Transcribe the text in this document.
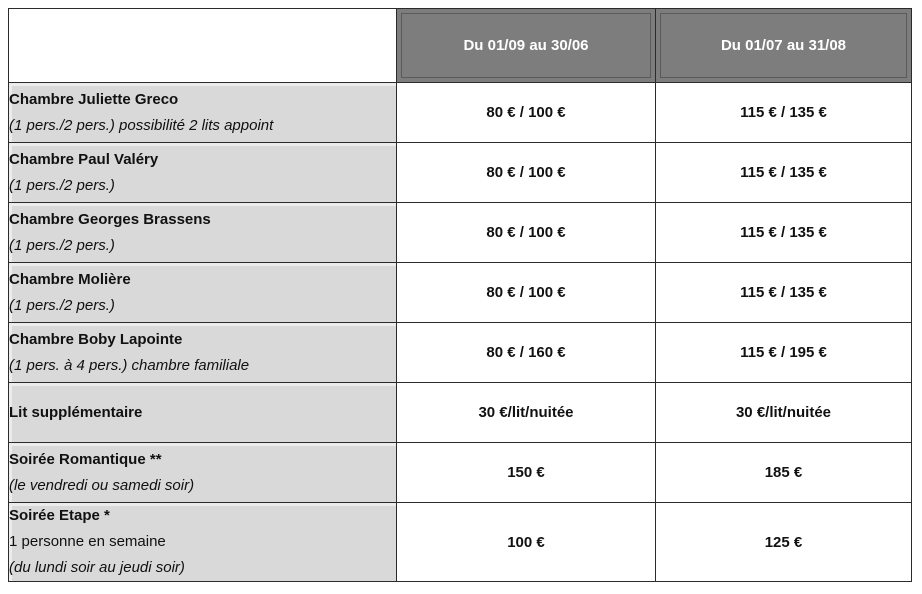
	Du 01/09 au 30/06	Du 01/07 au 31/08

Chambre Juliette Greco
(1 pers./2 pers.) possibilité 2 lits appoint	80 € / 100 €	115 € / 135 €

Chambre Paul Valéry
(1 pers./2 pers.)	80 € / 100 €	115 € / 135 €

Chambre Georges Brassens
(1 pers./2 pers.)	80 € / 100 €	115 € / 135 €

Chambre Molière
(1 pers./2 pers.)	80 € / 100 €	115 € / 135 €

Chambre Boby Lapointe
(1 pers. à 4 pers.) chambre familiale	80 € / 160 €	115 € / 195 €

Lit supplémentaire	30 €/lit/nuitée	30 €/lit/nuitée

Soirée Romantique **
(le vendredi ou samedi soir)	150 €	185 €

Soirée Etape *
1 personne en semaine
(du lundi soir au jeudi soir)	100 €	125 €
